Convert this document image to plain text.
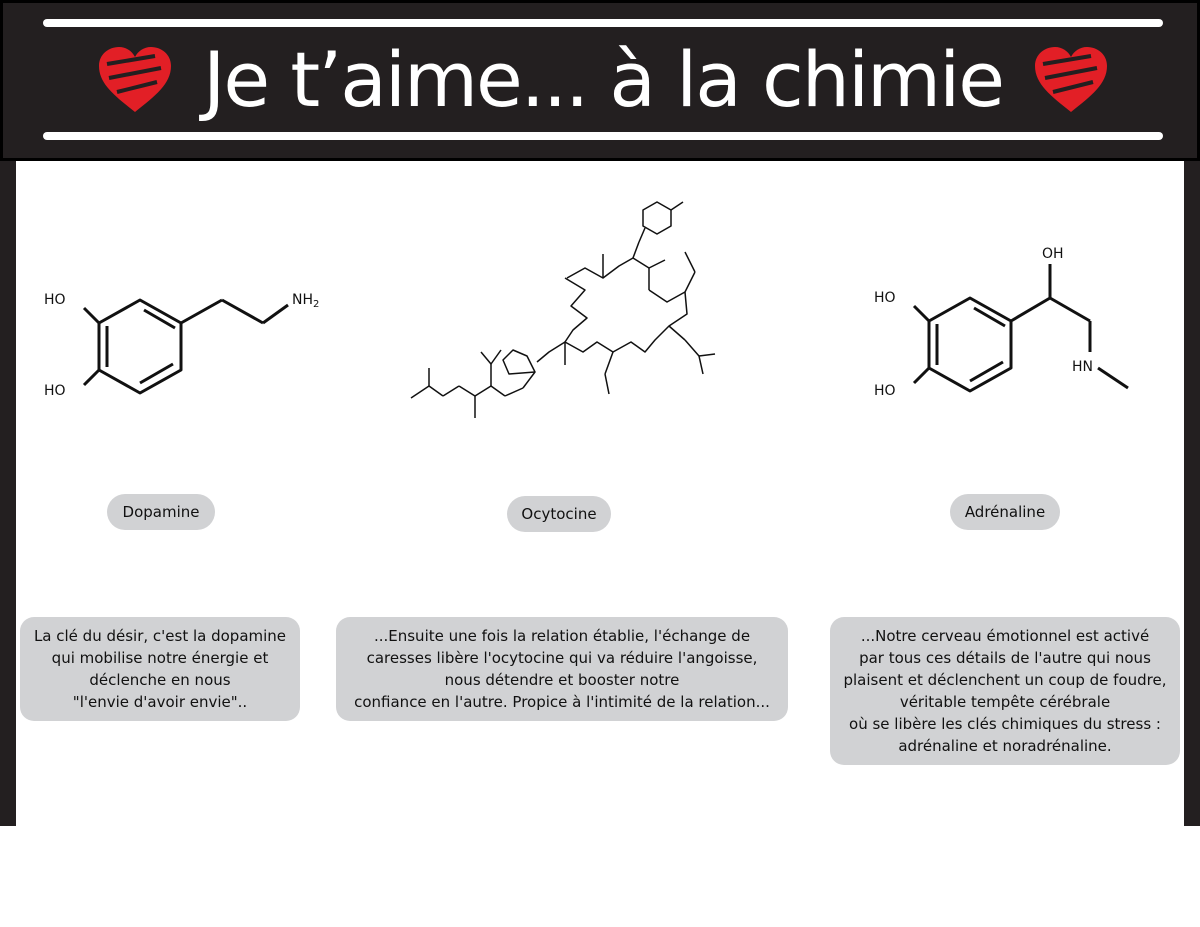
Je t’aime... à la chimie
HO
HO
$NH_2$
OH
HO
HO
HN
Dopamine	Ocytocine	Adrénaline
La clé du désir, c'est la dopamine
qui mobilise notre énergie et
déclenche en nous
"l'envie d'avoir envie"..
...Ensuite une fois la relation établie, l'échange de
caresses libère l'ocytocine qui va réduire l'angoisse,
nous détendre et booster notre
confiance en l'autre. Propice à l'intimité de la relation...
...Notre cerveau émotionnel est activé
par tous ces détails de l'autre qui nous
plaisent et déclenchent un coup de foudre,
véritable tempête cérébrale
où se libère les clés chimiques du stress :
adrénaline et noradrénaline.
